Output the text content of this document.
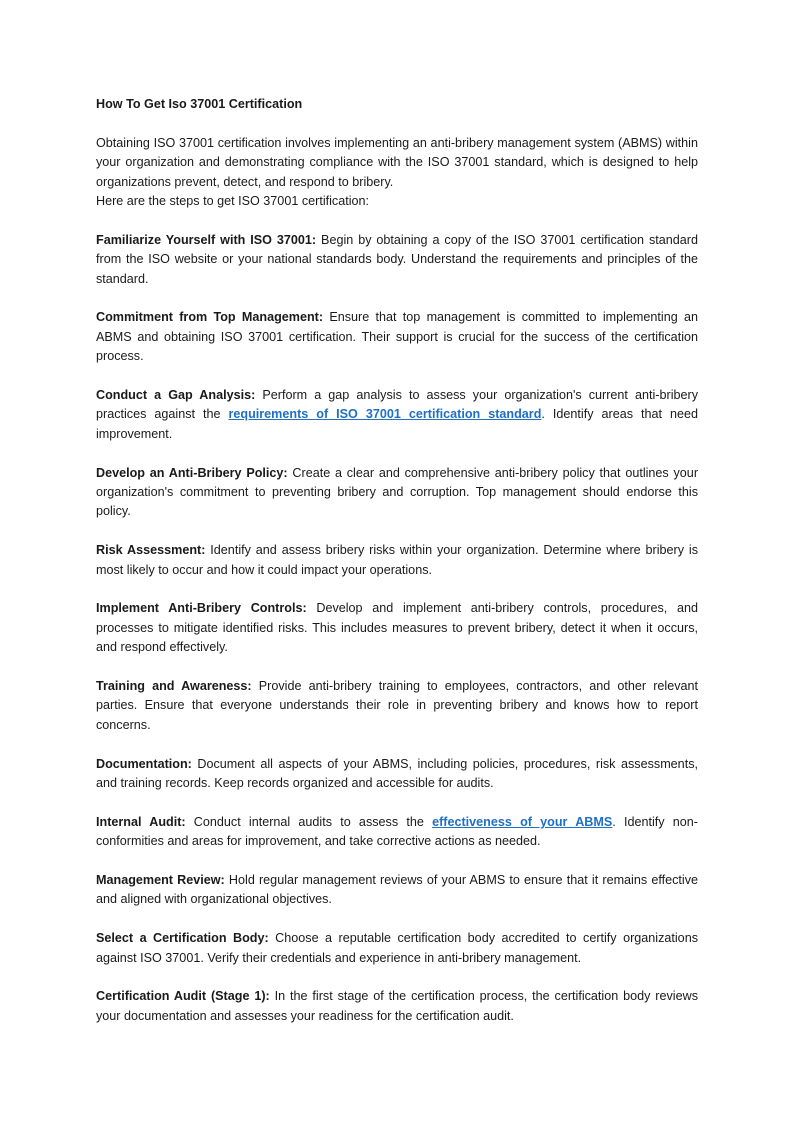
How To Get Iso 37001 Certification

Obtaining ISO 37001 certification involves implementing an anti-bribery management system (ABMS) within your organization and demonstrating compliance with the ISO 37001 standard, which is designed to help organizations prevent, detect, and respond to bribery.

Here are the steps to get ISO 37001 certification:

Familiarize Yourself with ISO 37001: Begin by obtaining a copy of the ISO 37001 certification standard from the ISO website or your national standards body. Understand the requirements and principles of the standard.

Commitment from Top Management: Ensure that top management is committed to implementing an ABMS and obtaining ISO 37001 certification. Their support is crucial for the success of the certification process.

Conduct a Gap Analysis: Perform a gap analysis to assess your organization's current anti-bribery practices against the requirements of ISO 37001 certification standard. Identify areas that need improvement.

Develop an Anti-Bribery Policy: Create a clear and comprehensive anti-bribery policy that outlines your organization's commitment to preventing bribery and corruption. Top management should endorse this policy.

Risk Assessment: Identify and assess bribery risks within your organization. Determine where bribery is most likely to occur and how it could impact your operations.

Implement Anti-Bribery Controls: Develop and implement anti-bribery controls, procedures, and processes to mitigate identified risks. This includes measures to prevent bribery, detect it when it occurs, and respond effectively.

Training and Awareness: Provide anti-bribery training to employees, contractors, and other relevant parties. Ensure that everyone understands their role in preventing bribery and knows how to report concerns.

Documentation: Document all aspects of your ABMS, including policies, procedures, risk assessments, and training records. Keep records organized and accessible for audits.

Internal Audit: Conduct internal audits to assess the effectiveness of your ABMS. Identify non-conformities and areas for improvement, and take corrective actions as needed.

Management Review: Hold regular management reviews of your ABMS to ensure that it remains effective and aligned with organizational objectives.

Select a Certification Body: Choose a reputable certification body accredited to certify organizations against ISO 37001. Verify their credentials and experience in anti-bribery management.

Certification Audit (Stage 1): In the first stage of the certification process, the certification body reviews your documentation and assesses your readiness for the certification audit.
